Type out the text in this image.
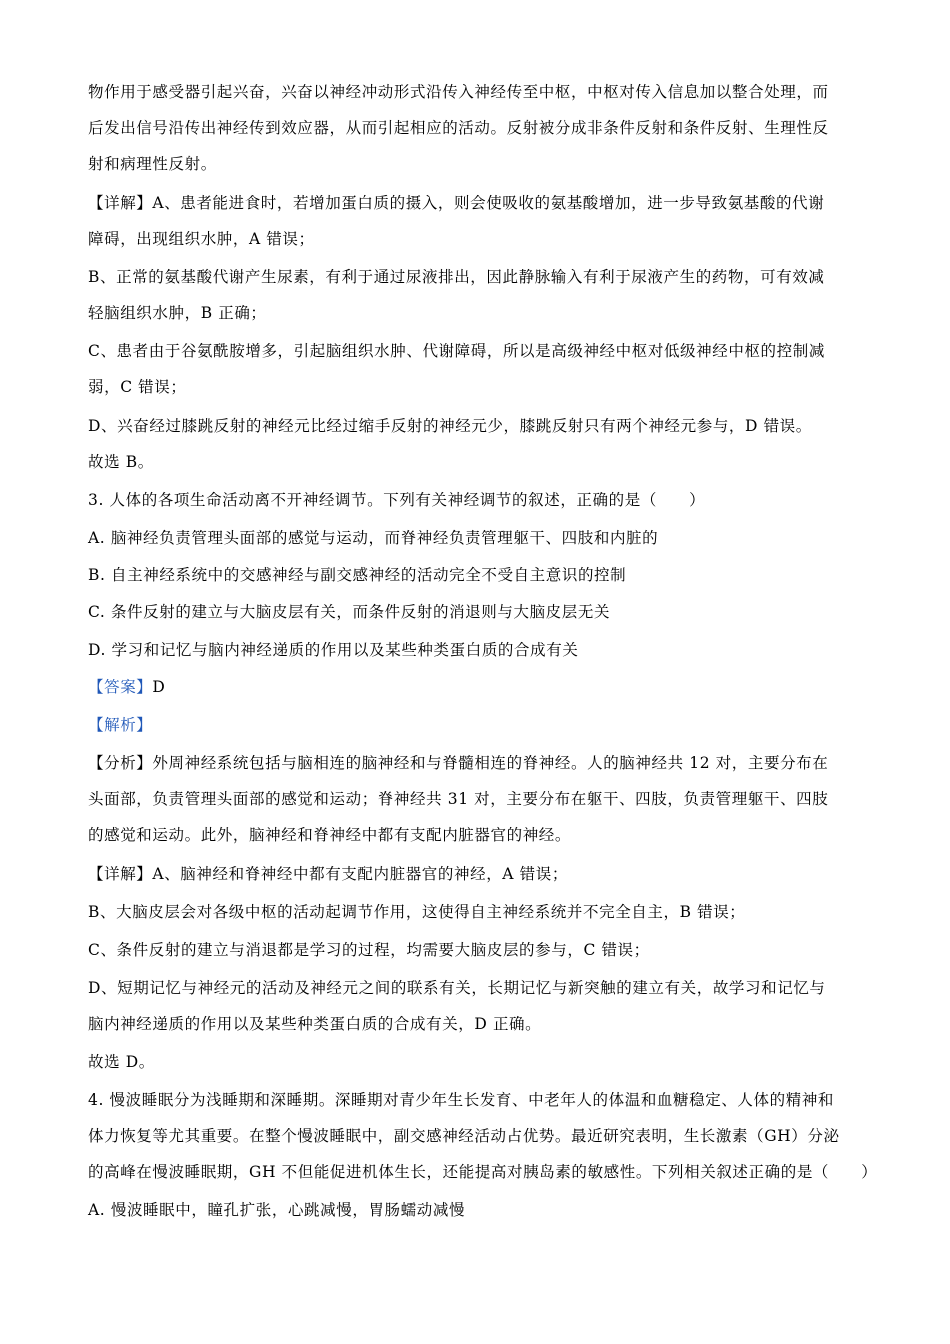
物作用于感受器引起兴奋，兴奋以神经冲动形式沿传入神经传至中枢，中枢对传入信息加以整合处理，而
后发出信号沿传出神经传到效应器，从而引起相应的活动。反射被分成非条件反射和条件反射、生理性反
射和病理性反射。
【详解】A、患者能进食时，若增加蛋白质的摄入，则会使吸收的氨基酸增加，进一步导致氨基酸的代谢
障碍，出现组织水肿，A 错误；
B、正常的氨基酸代谢产生尿素，有利于通过尿液排出，因此静脉输入有利于尿液产生的药物，可有效减
轻脑组织水肿，B 正确；
C、患者由于谷氨酰胺增多，引起脑组织水肿、代谢障碍，所以是高级神经中枢对低级神经中枢的控制减
弱，C 错误；
D、兴奋经过膝跳反射的神经元比经过缩手反射的神经元少，膝跳反射只有两个神经元参与，D 错误。
故选 B。
3. 人体的各项生命活动离不开神经调节。下列有关神经调节的叙述，正确的是（　　）
A. 脑神经负责管理头面部的感觉与运动，而脊神经负责管理躯干、四肢和内脏的
B. 自主神经系统中的交感神经与副交感神经的活动完全不受自主意识的控制
C. 条件反射的建立与大脑皮层有关，而条件反射的消退则与大脑皮层无关
D. 学习和记忆与脑内神经递质的作用以及某些种类蛋白质的合成有关
【答案】D
【解析】
【分析】外周神经系统包括与脑相连的脑神经和与脊髓相连的脊神经。人的脑神经共 12 对，主要分布在
头面部，负责管理头面部的感觉和运动；脊神经共 31 对，主要分布在躯干、四肢，负责管理躯干、四肢
的感觉和运动。此外，脑神经和脊神经中都有支配内脏器官的神经。
【详解】A、脑神经和脊神经中都有支配内脏器官的神经，A 错误；
B、大脑皮层会对各级中枢的活动起调节作用，这使得自主神经系统并不完全自主，B 错误；
C、条件反射的建立与消退都是学习的过程，均需要大脑皮层的参与，C 错误；
D、短期记忆与神经元的活动及神经元之间的联系有关，长期记忆与新突触的建立有关，故学习和记忆与
脑内神经递质的作用以及某些种类蛋白质的合成有关，D 正确。
故选 D。
4. 慢波睡眠分为浅睡期和深睡期。深睡期对青少年生长发育、中老年人的体温和血糖稳定、人体的精神和
体力恢复等尤其重要。在整个慢波睡眠中，副交感神经活动占优势。最近研究表明，生长激素（GH）分泌
的高峰在慢波睡眠期，GH 不但能促进机体生长，还能提高对胰岛素的敏感性。下列相关叙述正确的是（　　）
A. 慢波睡眠中，瞳孔扩张，心跳减慢，胃肠蠕动减慢
